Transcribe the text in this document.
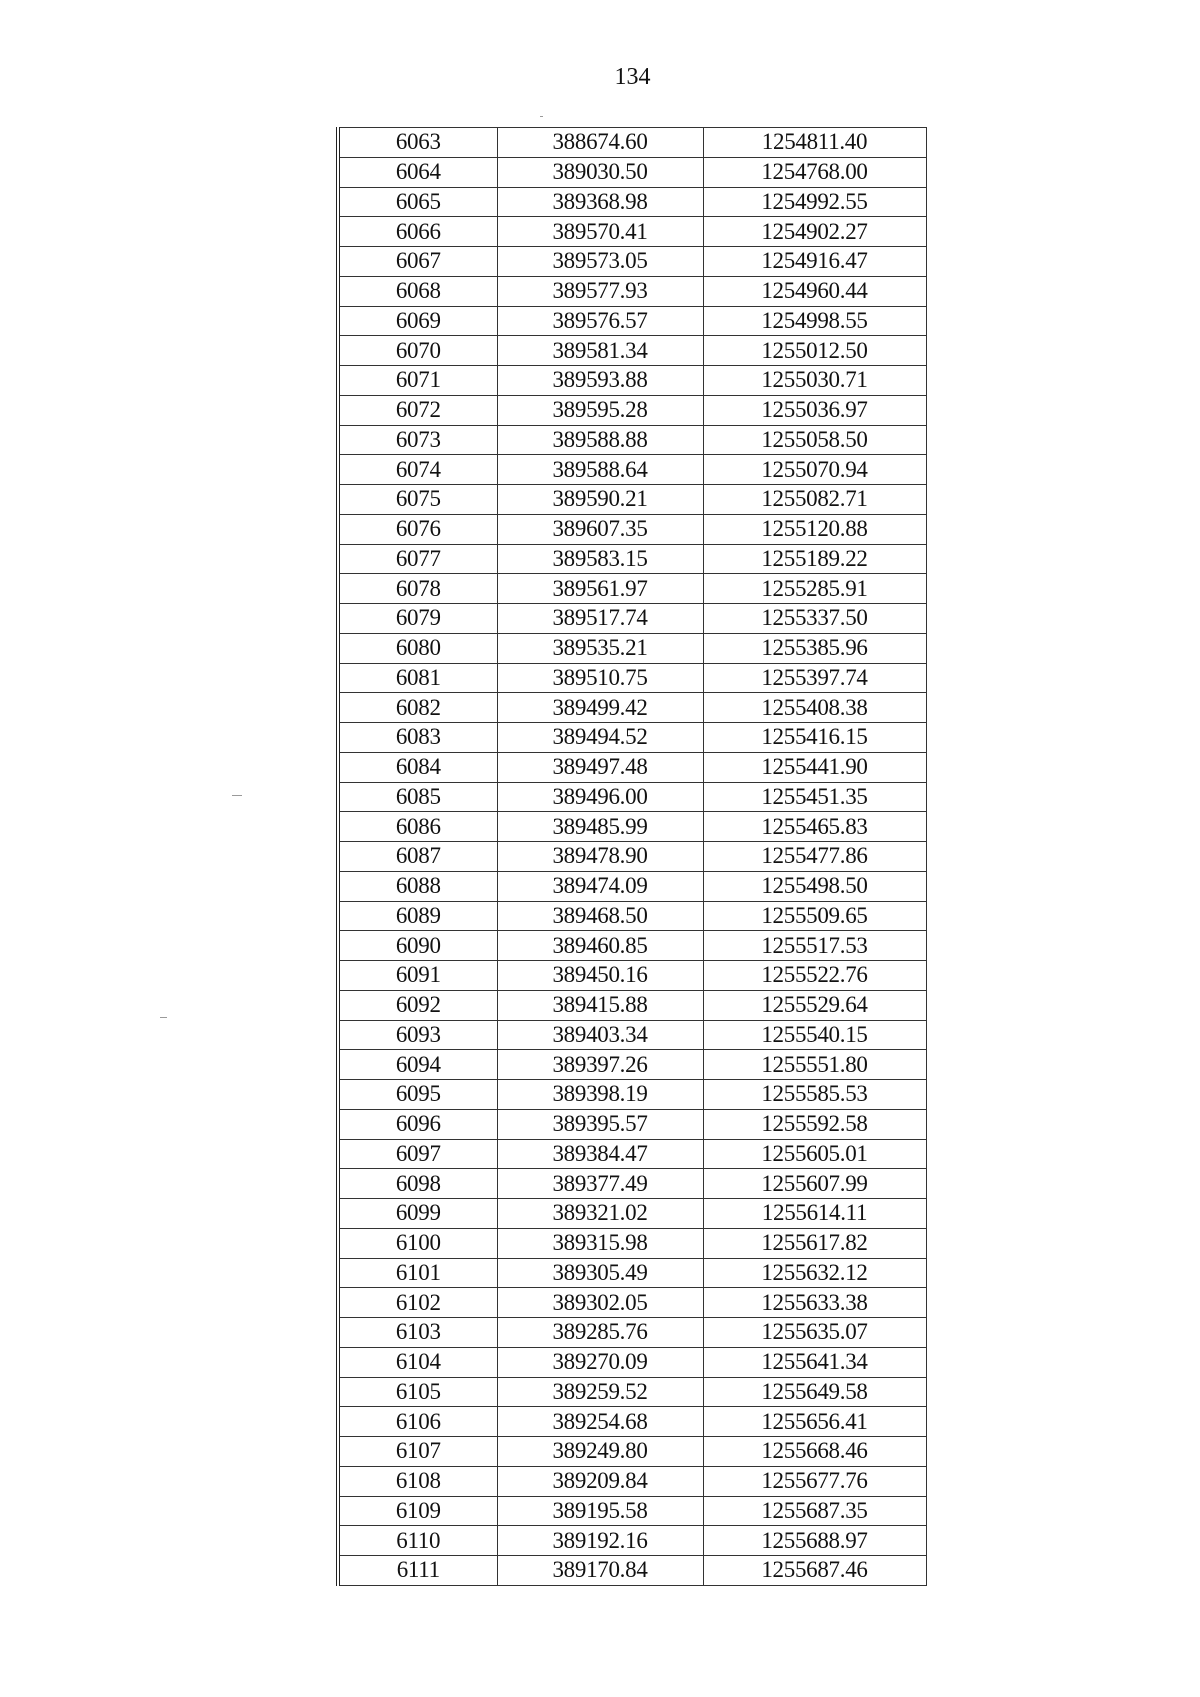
134
6063	388674.60	1254811.40
6064	389030.50	1254768.00
6065	389368.98	1254992.55
6066	389570.41	1254902.27
6067	389573.05	1254916.47
6068	389577.93	1254960.44
6069	389576.57	1254998.55
6070	389581.34	1255012.50
6071	389593.88	1255030.71
6072	389595.28	1255036.97
6073	389588.88	1255058.50
6074	389588.64	1255070.94
6075	389590.21	1255082.71
6076	389607.35	1255120.88
6077	389583.15	1255189.22
6078	389561.97	1255285.91
6079	389517.74	1255337.50
6080	389535.21	1255385.96
6081	389510.75	1255397.74
6082	389499.42	1255408.38
6083	389494.52	1255416.15
6084	389497.48	1255441.90
6085	389496.00	1255451.35
6086	389485.99	1255465.83
6087	389478.90	1255477.86
6088	389474.09	1255498.50
6089	389468.50	1255509.65
6090	389460.85	1255517.53
6091	389450.16	1255522.76
6092	389415.88	1255529.64
6093	389403.34	1255540.15
6094	389397.26	1255551.80
6095	389398.19	1255585.53
6096	389395.57	1255592.58
6097	389384.47	1255605.01
6098	389377.49	1255607.99
6099	389321.02	1255614.11
6100	389315.98	1255617.82
6101	389305.49	1255632.12
6102	389302.05	1255633.38
6103	389285.76	1255635.07
6104	389270.09	1255641.34
6105	389259.52	1255649.58
6106	389254.68	1255656.41
6107	389249.80	1255668.46
6108	389209.84	1255677.76
6109	389195.58	1255687.35
6110	389192.16	1255688.97
6111	389170.84	1255687.46
